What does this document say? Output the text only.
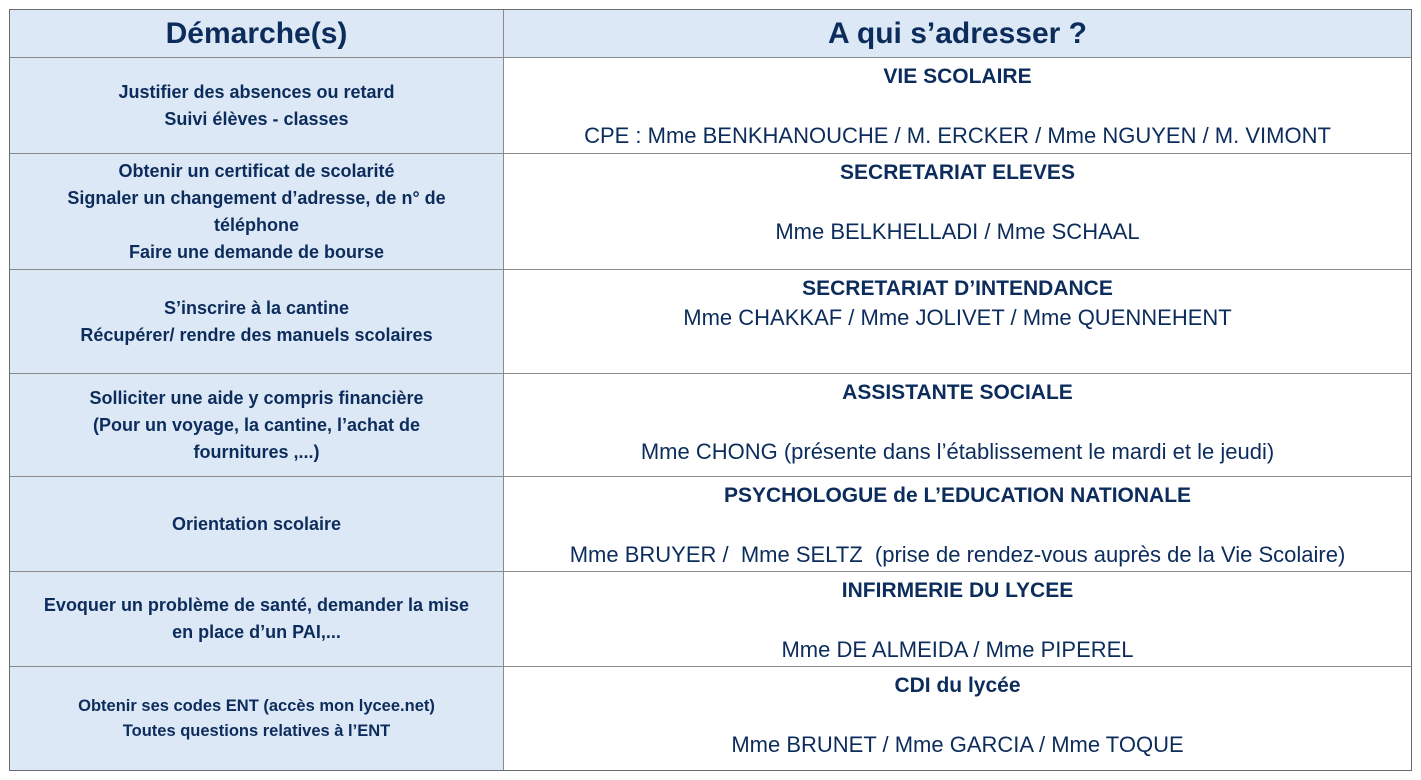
Démarche(s)	A qui s’adresser ?
Justifier des absences ou retard
Suivi élèves - classes
VIE SCOLAIRE
CPE : Mme BENKHANOUCHE / M. ERCKER / Mme NGUYEN / M. VIMONT
Obtenir un certificat de scolarité
Signaler un changement d’adresse, de n° de
téléphone
Faire une demande de bourse
SECRETARIAT ELEVES
Mme BELKHELLADI / Mme SCHAAL
S’inscrire à la cantine
Récupérer/ rendre des manuels scolaires
SECRETARIAT D’INTENDANCE
Mme CHAKKAF / Mme JOLIVET / Mme QUENNEHENT
Solliciter une aide y compris financière
(Pour un voyage, la cantine, l’achat de
fournitures ,...)
ASSISTANTE SOCIALE
Mme CHONG (présente dans l’établissement le mardi et le jeudi)
Orientation scolaire
PSYCHOLOGUE de L’EDUCATION NATIONALE
Mme BRUYER /  Mme SELTZ  (prise de rendez-vous auprès de la Vie Scolaire)
Evoquer un problème de santé, demander la mise
en place d’un PAI,...
INFIRMERIE DU LYCEE
Mme DE ALMEIDA / Mme PIPEREL
Obtenir ses codes ENT (accès mon lycee.net)
Toutes questions relatives à l’ENT
CDI du lycée
Mme BRUNET / Mme GARCIA / Mme TOQUE
